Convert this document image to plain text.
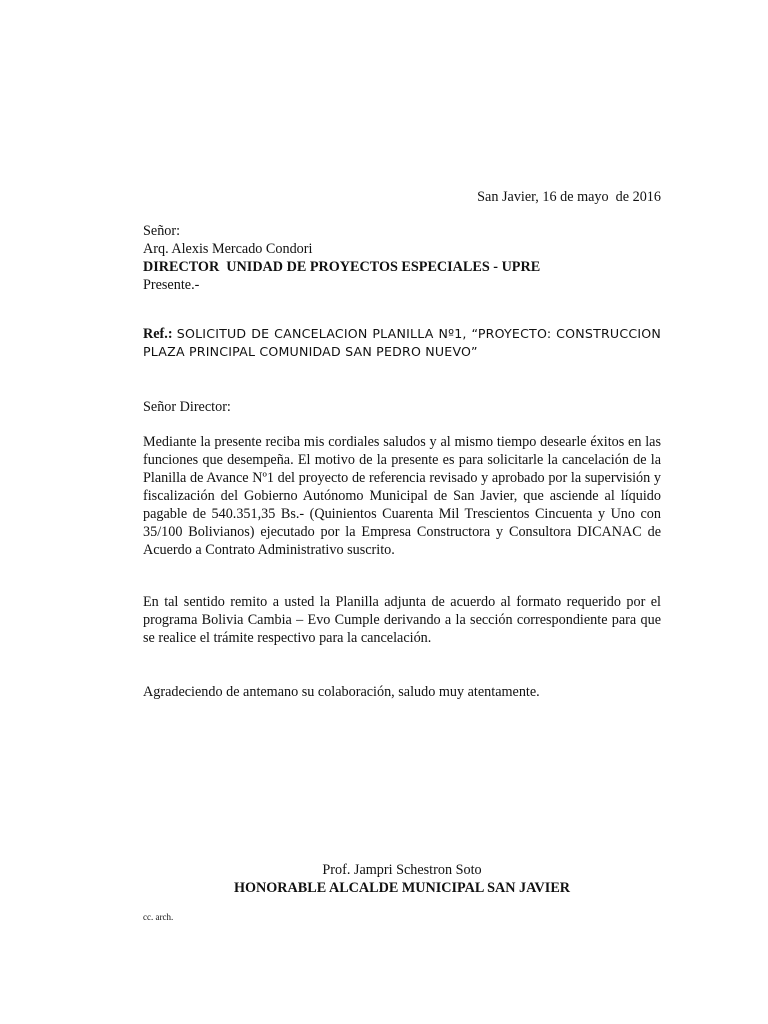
San Javier, 16 de mayo  de 2016
Señor:
Arq. Alexis Mercado Condori
DIRECTOR  UNIDAD DE PROYECTOS ESPECIALES - UPRE
Presente.-
Ref.: SOLICITUD DE CANCELACION PLANILLA Nº1, “PROYECTO: CONSTRUCCION PLAZA PRINCIPAL COMUNIDAD SAN PEDRO NUEVO”
Señor Director:

Mediante la presente reciba mis cordiales saludos y al mismo tiempo desearle éxitos en las funciones que desempeña. El motivo de la presente es para solicitarle la cancelación de la Planilla de Avance Nº1 del proyecto de referencia revisado y aprobado por la supervisión y fiscalización del Gobierno Autónomo Municipal de San Javier, que asciende al líquido pagable de 540.351,35 Bs.- (Quinientos Cuarenta Mil Trescientos Cincuenta y Uno con 35/100 Bolivianos) ejecutado por la Empresa Constructora y Consultora DICANAC de Acuerdo a Contrato Administrativo suscrito.

En tal sentido remito a usted la Planilla adjunta de acuerdo al formato requerido por el programa Bolivia Cambia – Evo Cumple derivando a la sección correspondiente para que se realice el trámite respectivo para la cancelación.

Agradeciendo de antemano su colaboración, saludo muy atentamente.

Prof. Jampri Schestron Soto
HONORABLE ALCALDE MUNICIPAL SAN JAVIER
cc. arch.
